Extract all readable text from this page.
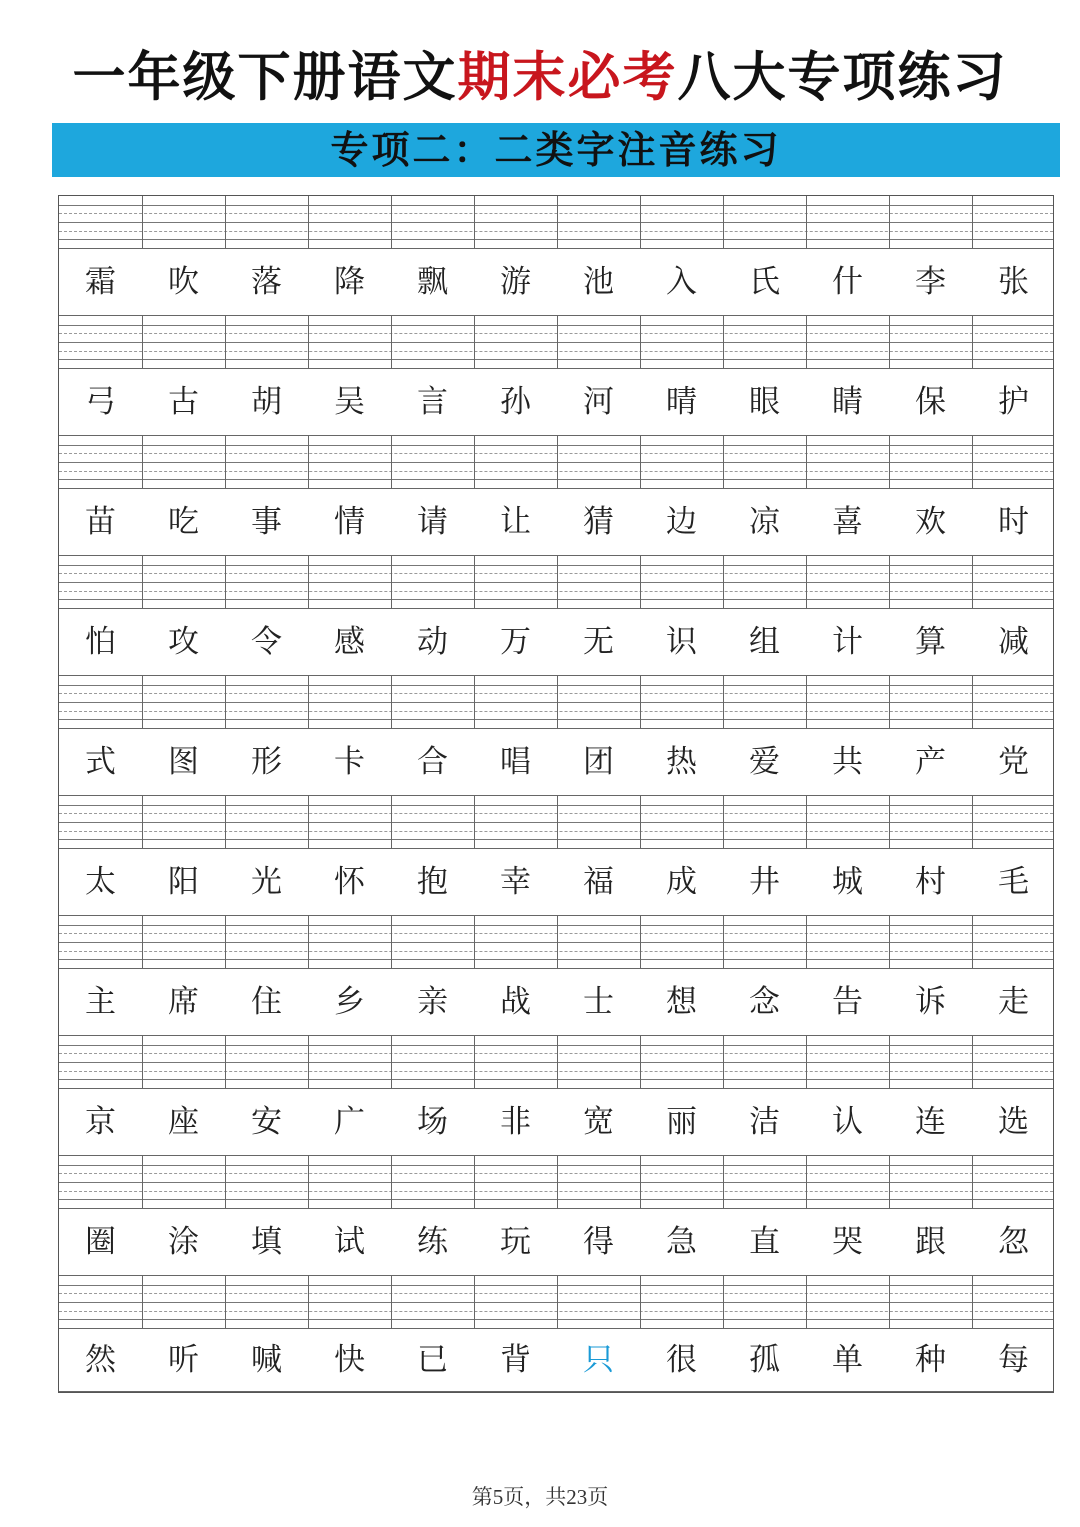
一年级下册语文期末必考八大专项练习
专项二：二类字注音练习
霜	吹	落	降	飘	游	池	入	氏	什	李	张
弓	古	胡	吴	言	孙	河	晴	眼	睛	保	护
苗	吃	事	情	请	让	猜	边	凉	喜	欢	时
怕	攻	令	感	动	万	无	识	组	计	算	减
式	图	形	卡	合	唱	团	热	爱	共	产	党
太	阳	光	怀	抱	幸	福	成	井	城	村	毛
主	席	住	乡	亲	战	士	想	念	告	诉	走
京	座	安	广	场	非	宽	丽	洁	认	连	选
圈	涂	填	试	练	玩	得	急	直	哭	跟	忽
然	听	喊	快	已	背	只	很	孤	单	种	每
第5页，共23页
